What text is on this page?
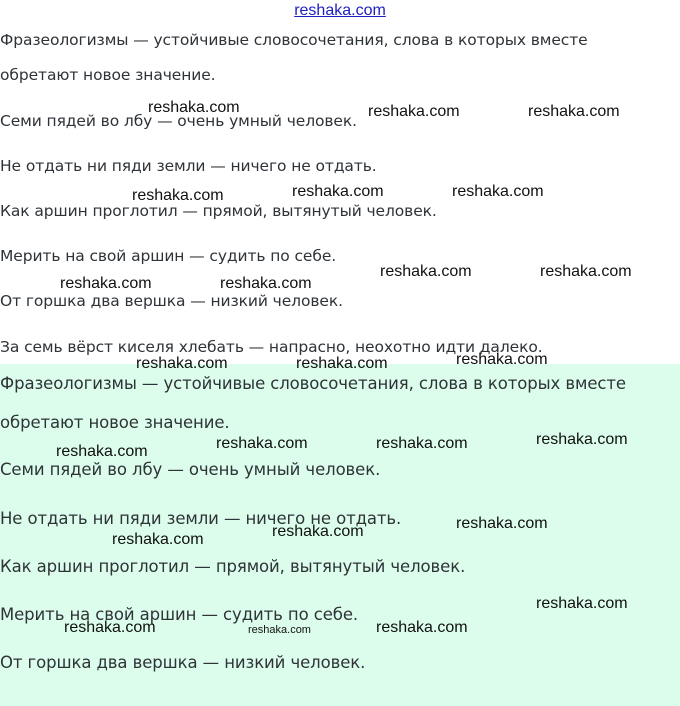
reshaka.com
Фразеологизмы — устойчивые словосочетания, слова в которых вместе
обретают новое значение.
Семи пядей во лбу — очень умный человек.
Не отдать ни пяди земли — ничего не отдать.
Как аршин проглотил — прямой, вытянутый человек.
Мерить на свой аршин — судить по себе.
От горшка два вершка — низкий человек.
За семь вёрст киселя хлебать — напрасно, неохотно идти далеко.
Фразеологизмы — устойчивые словосочетания, слова в которых вместе
обретают новое значение.
Семи пядей во лбу — очень умный человек.
Не отдать ни пяди земли — ничего не отдать.
Как аршин проглотил — прямой, вытянутый человек.
Мерить на свой аршин — судить по себе.
От горшка два вершка — низкий человек.
reshaka.com	reshaka.com	reshaka.com
reshaka.com	reshaka.com	reshaka.com
reshaka.com	reshaka.com
reshaka.com	reshaka.com
reshaka.com	reshaka.com	reshaka.com
reshaka.com	reshaka.com	reshaka.com	reshaka.com
reshaka.com	reshaka.com	reshaka.com
reshaka.com
reshaka.com	reshaka.com	reshaka.com
